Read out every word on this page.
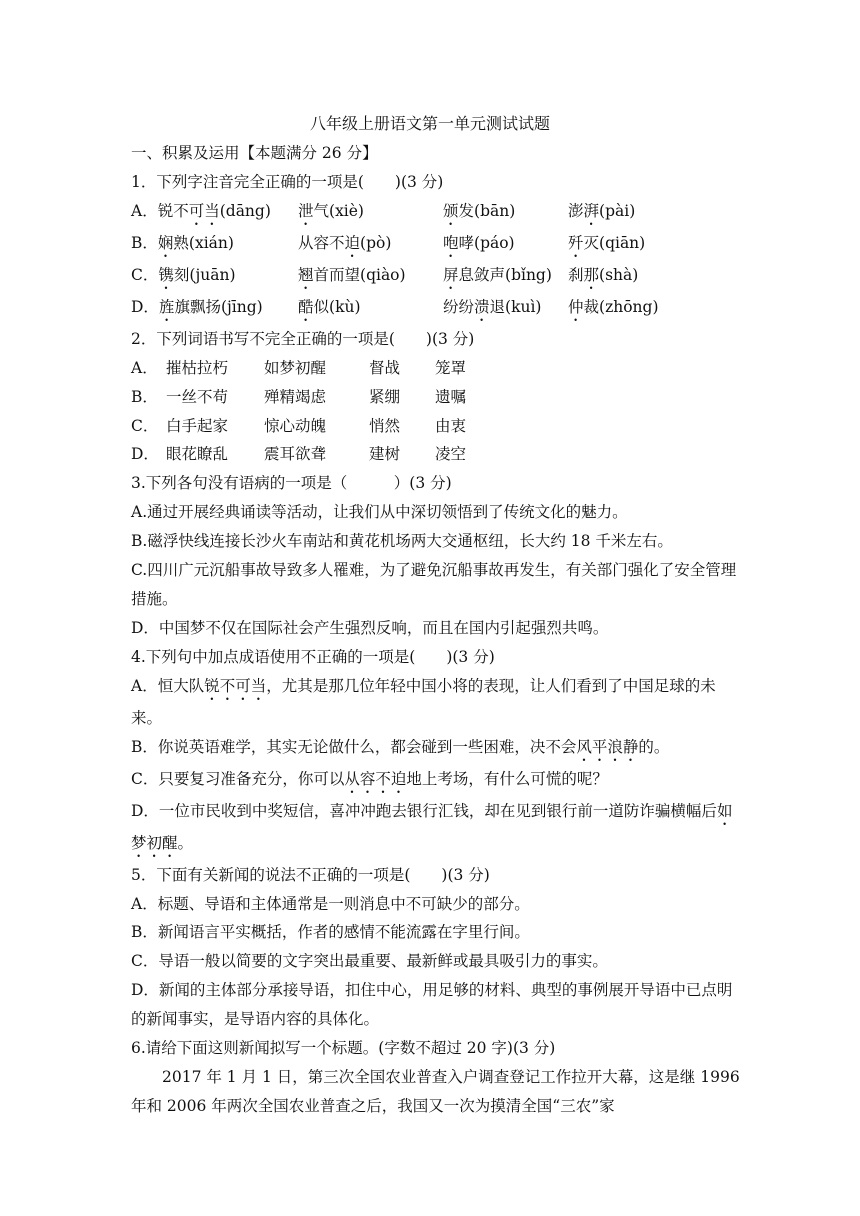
八年级上册语文第一单元测试试题
一、积累及运用【本题满分 26 分】
1．下列字注音完全正确的一项是(　　)(3 分)
A．锐不可当(dāng)	泄气(xiè)	颁发(bān)	澎湃(pài)
B．娴熟(xián)	从容不迫(pò)	咆哮(páo)	歼灭(qiān)
C．镌刻(juān)	翘首而望(qiào)	屏息敛声(bǐng)	刹那(shà)
D．旌旗飘扬(jīng)	酷似(kù)	纷纷溃退(kuì)	仲裁(zhōng)
2．下列词语书写不完全正确的一项是(　　)(3 分)
A． 摧枯拉朽	如梦初醒	督战	笼罩
B． 一丝不苟	殚精竭虑	紧绷	遗嘱
C． 白手起家	惊心动魄	悄然	由衷
D． 眼花瞭乱	震耳欲聋	建树	凌空
3.下列各句没有语病的一项是（　　　）(3 分)
A.通过开展经典诵读等活动，让我们从中深切领悟到了传统文化的魅力。
B.磁浮快线连接长沙火车南站和黄花机场两大交通枢纽，长大约 18 千米左右。
C.四川广元沉船事故导致多人罹难，为了避免沉船事故再发生，有关部门强化了安全管理措施。
D．中国梦不仅在国际社会产生强烈反响，而且在国内引起强烈共鸣。
4.下列句中加点成语使用不正确的一项是(　　)(3 分)
A．恒大队锐不可当，尤其是那几位年轻中国小将的表现，让人们看到了中国足球的未来。
B．你说英语难学，其实无论做什么，都会碰到一些困难，决不会风平浪静的。
C．只要复习准备充分，你可以从容不迫地上考场，有什么可慌的呢？
D．一位市民收到中奖短信，喜冲冲跑去银行汇钱，却在见到银行前一道防诈骗横幅后如梦初醒。
5．下面有关新闻的说法不正确的一项是(　　)(3 分)
A．标题、导语和主体通常是一则消息中不可缺少的部分。
B．新闻语言平实概括，作者的感情不能流露在字里行间。
C．导语一般以简要的文字突出最重要、最新鲜或最具吸引力的事实。
D．新闻的主体部分承接导语，扣住中心，用足够的材料、典型的事例展开导语中已点明的新闻事实，是导语内容的具体化。
6.请给下面这则新闻拟写一个标题。(字数不超过 20 字)(3 分)
2017 年 1 月 1 日，第三次全国农业普查入户调查登记工作拉开大幕，这是继 1996 年和 2006 年两次全国农业普查之后，我国又一次为摸清全国“三农”家
